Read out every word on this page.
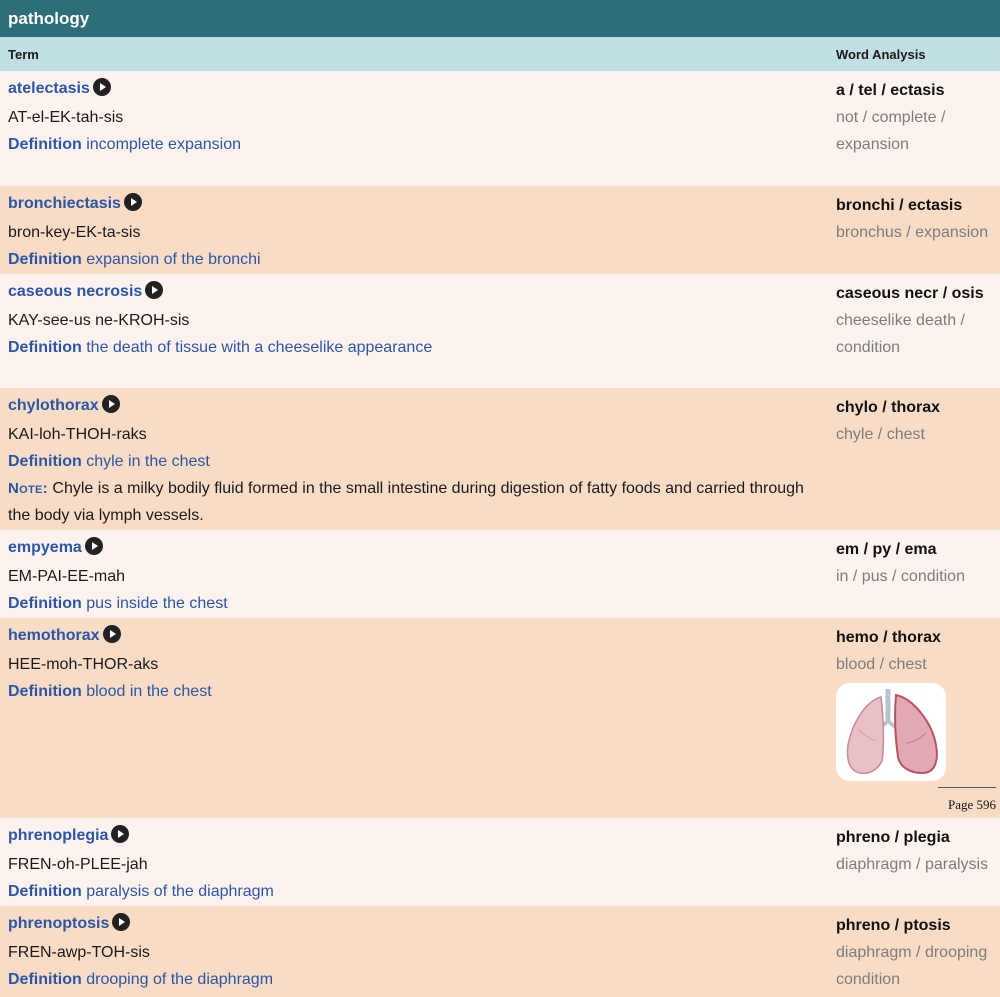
pathology
Term	Word Analysis
atelectasis
AT-el-EK-tah-sis
Definition incomplete expansion
a / tel / ectasis
not / complete / expansion
bronchiectasis
bron-key-EK-ta-sis
Definition expansion of the bronchi
bronchi / ectasis
bronchus / expansion
caseous necrosis
KAY-see-us ne-KROH-sis
Definition the death of tissue with a cheeselike appearance
caseous necr / osis
cheeselike death / condition
chylothorax
KAI-loh-THOH-raks
Definition chyle in the chest
Note: Chyle is a milky bodily fluid formed in the small intestine during digestion of fatty foods and carried through the body via lymph vessels.
chylo / thorax
chyle / chest
empyema
EM-PAI-EE-mah
Definition pus inside the chest
em / py / ema
in / pus / condition
hemothorax
HEE-moh-THOR-aks
Definition blood in the chest
hemo / thorax
blood / chest
Page 596
phrenoplegia
FREN-oh-PLEE-jah
Definition paralysis of the diaphragm
phreno / plegia
diaphragm / paralysis
phrenoptosis
FREN-awp-TOH-sis
Definition drooping of the diaphragm
phreno / ptosis
diaphragm / drooping condition
